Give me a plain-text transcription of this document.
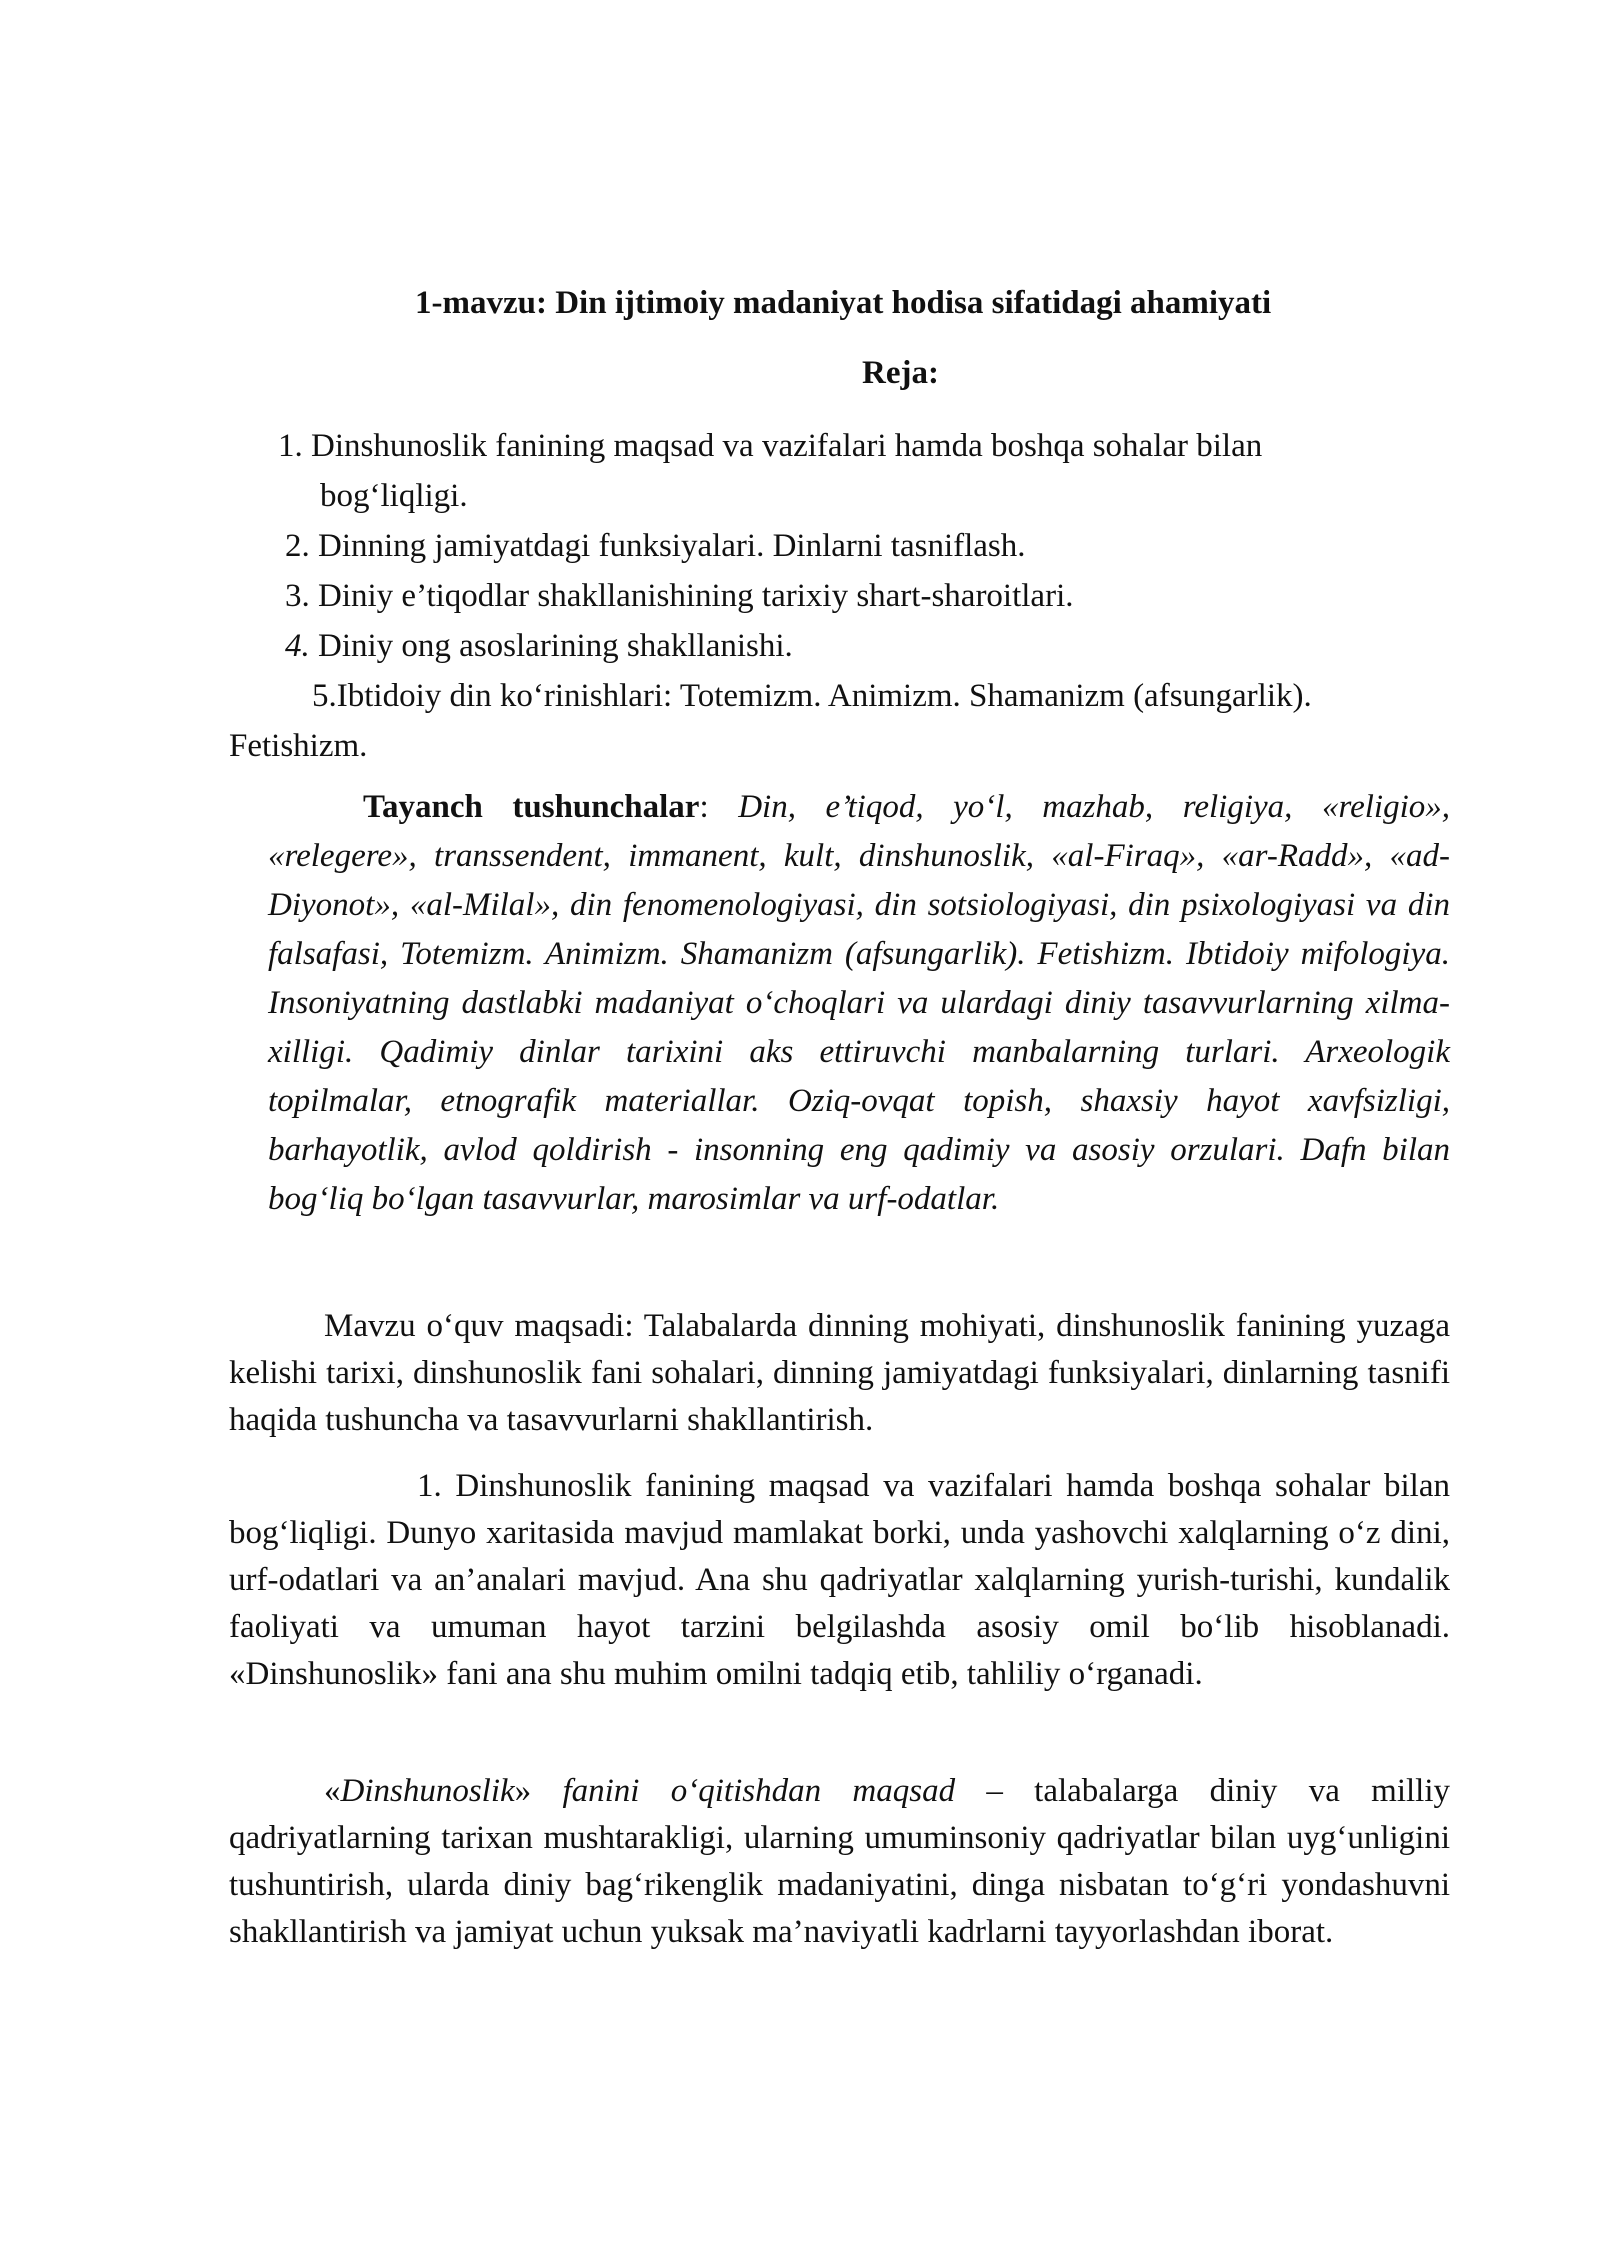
1-mavzu: Din ijtimoiy madaniyat hodisa sifatidagi ahamiyati
Reja:
1. Dinshunoslik fanining maqsad va vazifalari hamda boshqa sohalar bilan
bog‘liqligi.
2. Dinning jamiyatdagi funksiyalari. Dinlarni tasniflash.
3. Diniy e’tiqodlar shakllanishining tarixiy shart-sharoitlari.
4. Diniy ong asoslarining shakllanishi.
5.Ibtidoiy din ko‘rinishlari: Totemizm. Animizm. Shamanizm (afsungarlik).
Fetishizm.
Tayanch tushunchalar: Din, e’tiqod, yo‘l, mazhab, religiya, «religio», «relegere», transsendent, immanent, kult, dinshunoslik, «al-Firaq», «ar-Radd», «ad-Diyonot», «al-Milal», din fenomenologiyasi, din sotsiologiyasi, din psixologiyasi va din falsafasi, Totemizm. Animizm. Shamanizm (afsungarlik). Fetishizm. Ibtidoiy mifologiya. Insoniyatning dastlabki madaniyat o‘choqlari va ulardagi diniy tasavvurlarning xilma-xilligi. Qadimiy dinlar tarixini aks ettiruvchi manbalarning turlari. Arxeologik topilmalar, etnografik materiallar. Oziq-ovqat topish, shaxsiy hayot xavfsizligi, barhayotlik, avlod qoldirish - insonning eng qadimiy va asosiy orzulari. Dafn bilan bog‘liq bo‘lgan tasavvurlar, marosimlar va urf-odatlar.
Mavzu o‘quv maqsadi: Talabalarda dinning mohiyati, dinshunoslik fanining yuzaga kelishi tarixi, dinshunoslik fani sohalari, dinning jamiyatdagi funksiyalari, dinlarning tasnifi haqida tushuncha va tasavvurlarni shakllantirish.
1. Dinshunoslik fanining maqsad va vazifalari hamda boshqa sohalar bilan bog‘liqligi. Dunyo xaritasida mavjud mamlakat borki, unda yashovchi xalqlarning o‘z dini, urf-odatlari va an’analari mavjud. Ana shu qadriyatlar xalqlarning yurish-turishi, kundalik faoliyati va umuman hayot tarzini belgilashda asosiy omil bo‘lib hisoblanadi. «Dinshunoslik» fani ana shu muhim omilni tadqiq etib, tahliliy o‘rganadi.
«Dinshunoslik» fanini o‘qitishdan maqsad – talabalarga diniy va milliy qadriyatlarning tarixan mushtarakligi, ularning umuminsoniy qadriyatlar bilan uyg‘unligini tushuntirish, ularda diniy bag‘rikenglik madaniyatini, dinga nisbatan to‘g‘ri yondashuvni shakllantirish va jamiyat uchun yuksak ma’naviyatli kadrlarni tayyorlashdan iborat.
